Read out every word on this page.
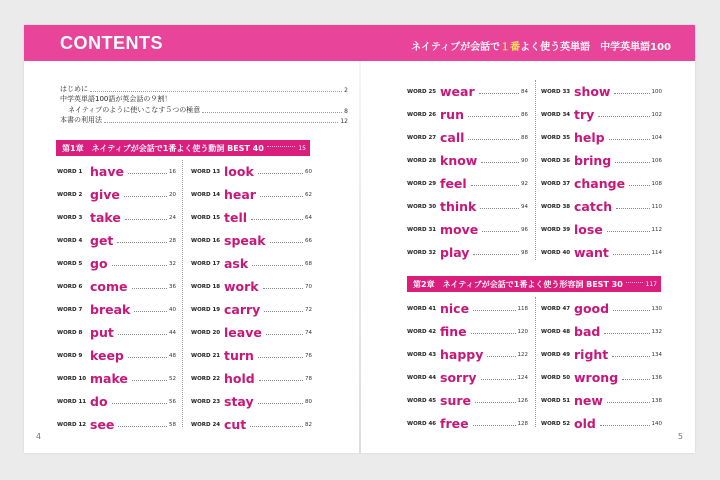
CONTENTS	ネイティブが会話で１番よく使う英単語　中学英単語100
はじめに	2
中学英単語100語が英会話の９割！
ネイティブのように使いこなす５つの極意	8
本書の利用法	12
第1章　ネイティブが会話で1番よく使う動詞 BEST 40	15
第2章　ネイティブが会話で1番よく使う形容詞 BEST 30	117
WORD 1 have	16
WORD 2 give	20
WORD 3 take	24
WORD 4 get	28
WORD 5 go	32
WORD 6 come	36
WORD 7 break	40
WORD 8 put	44
WORD 9 keep	48
WORD 10 make	52
WORD 11 do	56
WORD 12 see	58
WORD 13 look	60
WORD 14 hear	62
WORD 15 tell	64
WORD 16 speak	66
WORD 17 ask	68
WORD 18 work	70
WORD 19 carry	72
WORD 20 leave	74
WORD 21 turn	76
WORD 22 hold	78
WORD 23 stay	80
WORD 24 cut	82
WORD 25 wear	84
WORD 26 run	86
WORD 27 call	88
WORD 28 know	90
WORD 29 feel	92
WORD 30 think	94
WORD 31 move	96
WORD 32 play	98
WORD 33 show	100
WORD 34 try	102
WORD 35 help	104
WORD 36 bring	106
WORD 37 change	108
WORD 38 catch	110
WORD 39 lose	112
WORD 40 want	114
WORD 41 nice	118
WORD 42 fine	120
WORD 43 happy	122
WORD 44 sorry	124
WORD 45 sure	126
WORD 46 free	128
WORD 47 good	130
WORD 48 bad	132
WORD 49 right	134
WORD 50 wrong	136
WORD 51 new	138
WORD 52 old	140
4	5
